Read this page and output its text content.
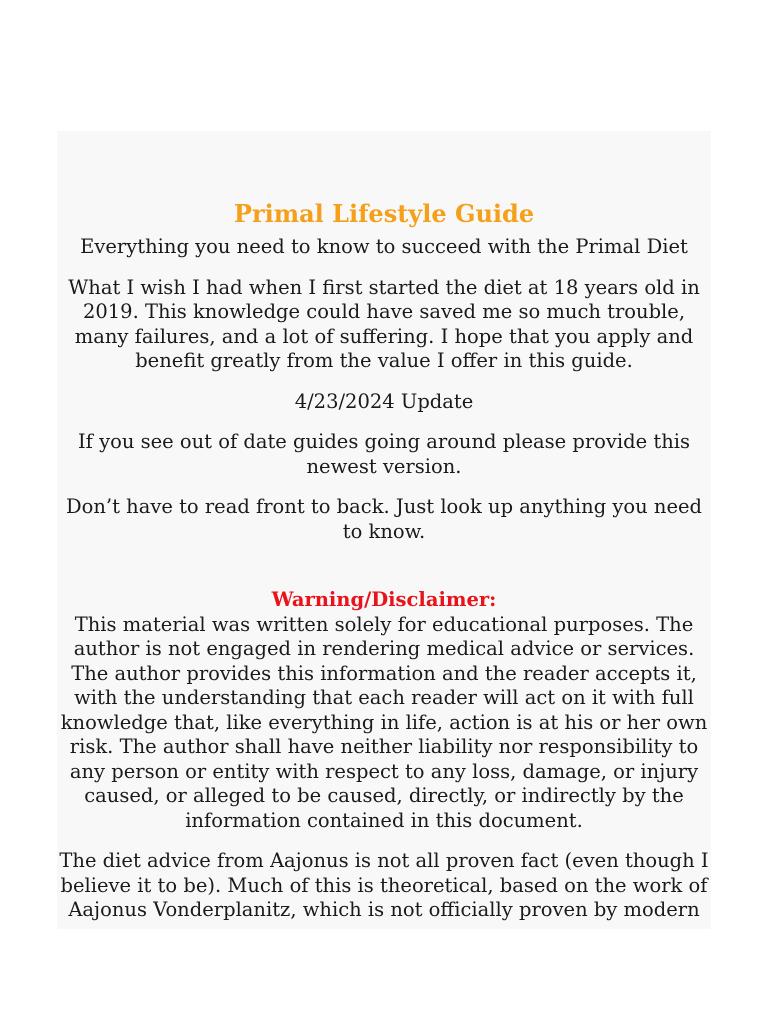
Primal Lifestyle Guide
Everything you need to know to succeed with the Primal Diet
What I wish I had when I first started the diet at 18 years old in 2019. This knowledge could have saved me so much trouble, many failures, and a lot of suffering. I hope that you apply and benefit greatly from the value I offer in this guide.
4/23/2024 Update
If you see out of date guides going around please provide this newest version.
Don’t have to read front to back. Just look up anything you need to know.
Warning/Disclaimer:
This material was written solely for educational purposes. The author is not engaged in rendering medical advice or services. The author provides this information and the reader accepts it, with the understanding that each reader will act on it with full knowledge that, like everything in life, action is at his or her own risk. The author shall have neither liability nor responsibility to any person or entity with respect to any loss, damage, or injury caused, or alleged to be caused, directly, or indirectly by the information contained in this document.
The diet advice from Aajonus is not all proven fact (even though I believe it to be). Much of this is theoretical, based on the work of Aajonus Vonderplanitz, which is not officially proven by modern
